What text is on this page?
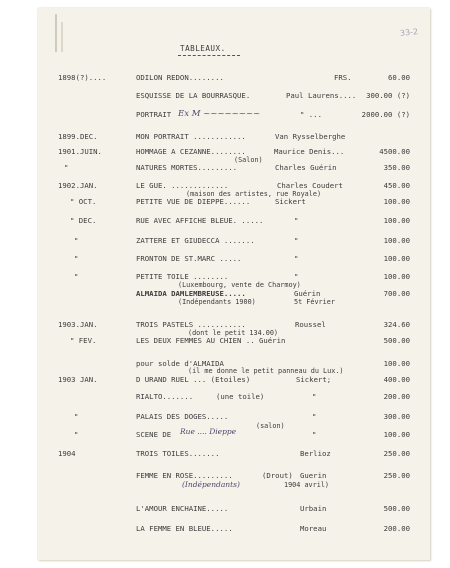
33-2
TABLEAUX.
1898(?)....	ODILON REDON........	FRS.	60.00
ESQUISSE DE LA BOURRASQUE.	Paul Laurens.... 300.00 (?)
PORTRAIT Ex M ~~~~~~~~	" ...	2000.00 (?)
1899.DEC.	MON PORTRAIT ............	Van Rysselberghe
1901.JUIN.	HOMMAGE A CEZANNE........	Maurice Denis...	4500.00
(Salon)
"	NATURES MORTES.........	Charles Guérin	350.00
1902.JAN.	LE GUE. .............	Charles Coudert	450.00
(maison des artistes, rue Royale)
" OCT.	PETITE VUE DE DIEPPE......	Sickert	100.00
" DEC.	RUE AVEC AFFICHE BLEUE. .....	"	100.00
"	ZATTERE ET GIUDECCA .......	"	100.00
"	FRONTON DE ST.MARC .....	"	100.00
"	PETITE TOILE ........	"	100.00
(Luxembourg, vente de Charmoy)
ALMAIDA DAMLEMBREUSE.....	Guérin	700.00
(Indépendants 1900)	5t Février
1903.JAN.	TROIS PASTELS ...........	Roussel	324.60
(dont le petit 134.00)
" FEV.	LES DEUX FEMMES AU CHIEN .. Guérin	500.00
pour solde d'ALMAIDA	100.00
(il me donne le petit panneau du Lux.)
1903 JAN.	D URAND RUEL ... (Etoiles)	Sickert;	400.00
RIALTO.......	(une toile)	"	200.00
"	PALAIS DES DOGES.....	"	300.00
(salon)
"	SCENE DE Rue .... Dieppe	"	100.00
1904	TROIS TOILES.......	Berlioz	250.00
FEMME EN ROSE.........	(Drout) Guerin	250.00
(Indépendants)	1904 avril)
L'AMOUR ENCHAINE.....	Urbain	500.00
LA FEMME EN BLEUE.....	Moreau	200.00
